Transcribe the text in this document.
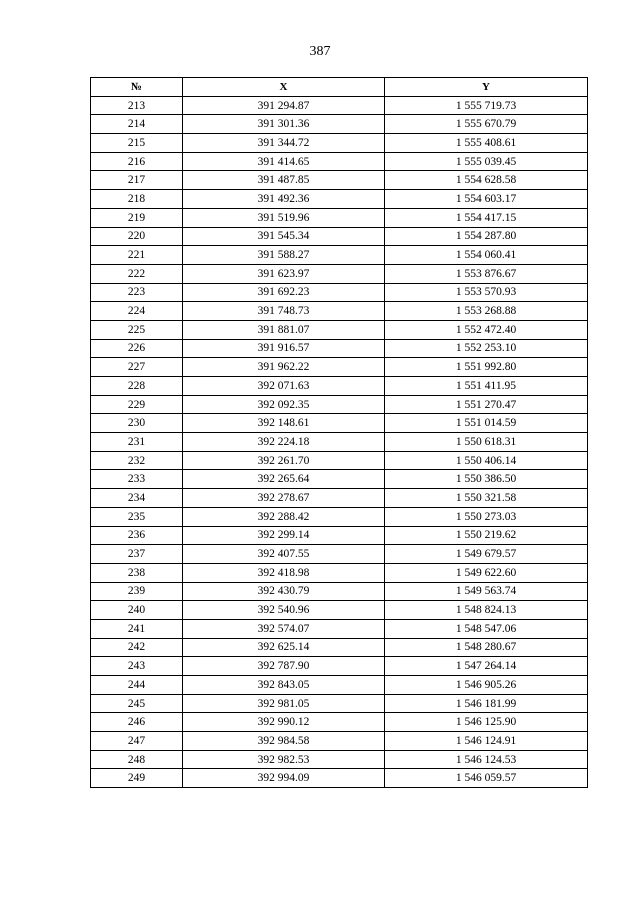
387
№	X	Y
213	391 294.87	1 555 719.73
214	391 301.36	1 555 670.79
215	391 344.72	1 555 408.61
216	391 414.65	1 555 039.45
217	391 487.85	1 554 628.58
218	391 492.36	1 554 603.17
219	391 519.96	1 554 417.15
220	391 545.34	1 554 287.80
221	391 588.27	1 554 060.41
222	391 623.97	1 553 876.67
223	391 692.23	1 553 570.93
224	391 748.73	1 553 268.88
225	391 881.07	1 552 472.40
226	391 916.57	1 552 253.10
227	391 962.22	1 551 992.80
228	392 071.63	1 551 411.95
229	392 092.35	1 551 270.47
230	392 148.61	1 551 014.59
231	392 224.18	1 550 618.31
232	392 261.70	1 550 406.14
233	392 265.64	1 550 386.50
234	392 278.67	1 550 321.58
235	392 288.42	1 550 273.03
236	392 299.14	1 550 219.62
237	392 407.55	1 549 679.57
238	392 418.98	1 549 622.60
239	392 430.79	1 549 563.74
240	392 540.96	1 548 824.13
241	392 574.07	1 548 547.06
242	392 625.14	1 548 280.67
243	392 787.90	1 547 264.14
244	392 843.05	1 546 905.26
245	392 981.05	1 546 181.99
246	392 990.12	1 546 125.90
247	392 984.58	1 546 124.91
248	392 982.53	1 546 124.53
249	392 994.09	1 546 059.57
